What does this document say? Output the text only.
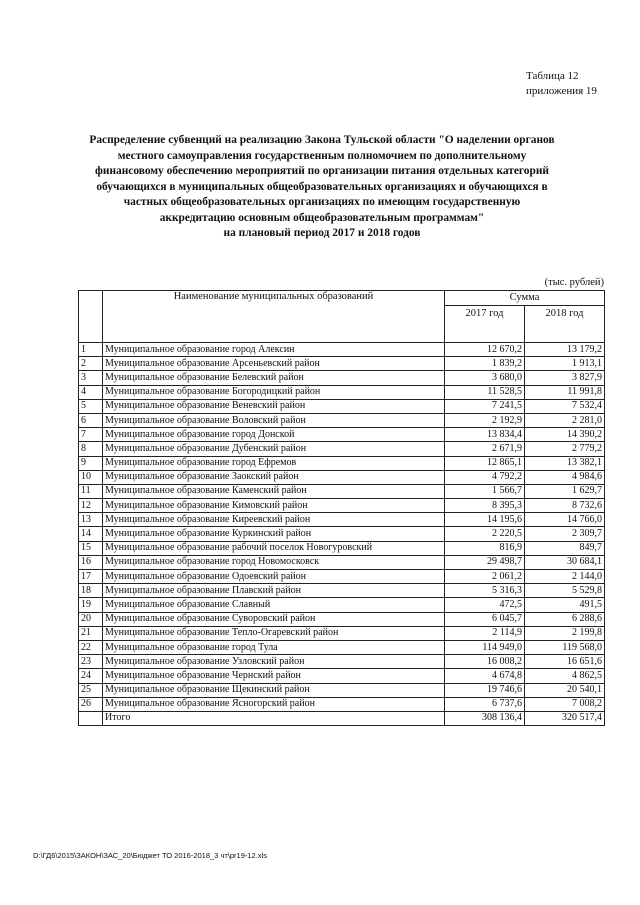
Таблица 12
приложения 19
Распределение субвенций на реализацию Закона Тульской области "О наделении органов
местного самоуправления государственным полномочием по дополнительному
финансовому обеспечению мероприятий по организации питания отдельных категорий
обучающихся в муниципальных общеобразовательных организациях и обучающихся в
частных общеобразовательных организациях по имеющим государственную
аккредитацию основным общеобразовательным программам"
на плановый период 2017 и 2018 годов
(тыс. рублей)
	Наименование муниципальных образований	Сумма	
		2017 год	2018 год
1	Муниципальное образование город Алексин	12 670,2	13 179,2
2	Муниципальное образование Арсеньевский район	1 839,2	1 913,1
3	Муниципальное образование Белевский район	3 680,0	3 827,9
4	Муниципальное образование Богородицкий район	11 528,5	11 991,8
5	Муниципальное образование Веневский район	7 241,5	7 532,4
6	Муниципальное образование Воловский район	2 192,9	2 281,0
7	Муниципальное образование город Донской	13 834,4	14 390,2
8	Муниципальное образование Дубенский район	2 671,9	2 779,2
9	Муниципальное образование город Ефремов	12 865,1	13 382,1
10	Муниципальное образование Заокский район	4 792,2	4 984,6
11	Муниципальное образование Каменский район	1 566,7	1 629,7
12	Муниципальное образование Кимовский район	8 395,3	8 732,6
13	Муниципальное образование Киреевский район	14 195,6	14 766,0
14	Муниципальное образование Куркинский район	2 220,5	2 309,7
15	Муниципальное образование рабочий поселок Новогуровский	816,9	849,7
16	Муниципальное образование город Новомосковск	29 498,7	30 684,1
17	Муниципальное образование Одоевский район	2 061,2	2 144,0
18	Муниципальное образование Плавский район	5 316,3	5 529,8
19	Муниципальное образование Славный	472,5	491,5
20	Муниципальное образование Суворовский район	6 045,7	6 288,6
21	Муниципальное образование Тепло-Огаревский район	2 114,9	2 199,8
22	Муниципальное образование город Тула	114 949,0	119 568,0
23	Муниципальное образование Узловский район	16 008,2	16 651,6
24	Муниципальное образование Чернский район	4 674,8	4 862,5
25	Муниципальное образование Щекинский район	19 746,6	20 540,1
26	Муниципальное образование Ясногорский район	6 737,6	7 008,2
	Итого	308 136,4	320 517,4
D:\ГД6\2015\ЗАКОН\ЗАС_20\Бюджет ТО 2016-2018_3 чт\pr19-12.xls
